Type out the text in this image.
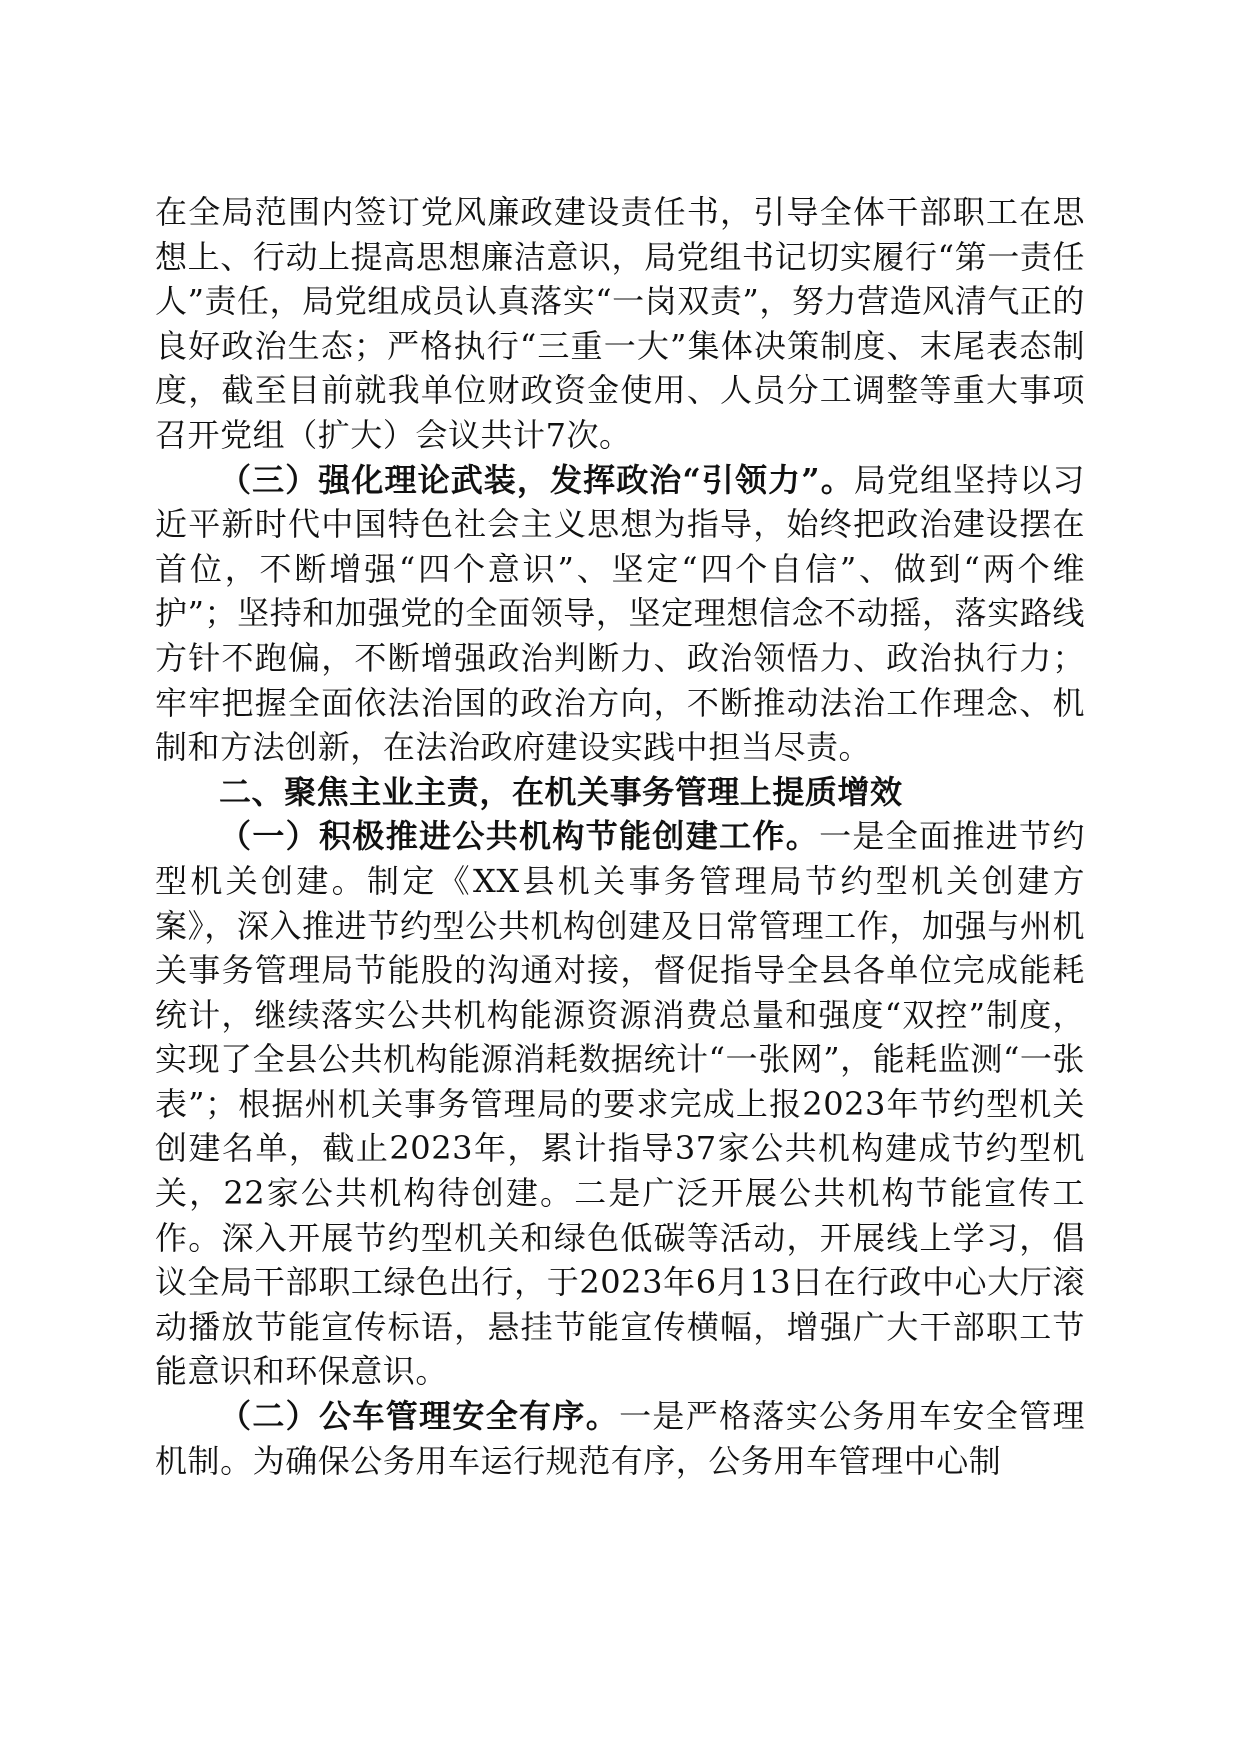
在全局范围内签订党风廉政建设责任书，引导全体干部职工在思想上、行动上提高思想廉洁意识，局党组书记切实履行“第一责任人”责任，局党组成员认真落实“一岗双责”，努力营造风清气正的良好政治生态；严格执行“三重一大”集体决策制度、末尾表态制度，截至目前就我单位财政资金使用、人员分工调整等重大事项召开党组（扩大）会议共计7次。

（三）强化理论武装，发挥政治“引领力”。局党组坚持以习近平新时代中国特色社会主义思想为指导，始终把政治建设摆在首位，不断增强“四个意识”、坚定“四个自信”、做到“两个维护”；坚持和加强党的全面领导，坚定理想信念不动摇，落实路线方针不跑偏，不断增强政治判断力、政治领悟力、政治执行力；牢牢把握全面依法治国的政治方向，不断推动法治工作理念、机制和方法创新，在法治政府建设实践中担当尽责。

二、聚焦主业主责，在机关事务管理上提质增效

（一）积极推进公共机构节能创建工作。一是全面推进节约型机关创建。制定《XX县机关事务管理局节约型机关创建方案》，深入推进节约型公共机构创建及日常管理工作，加强与州机关事务管理局节能股的沟通对接，督促指导全县各单位完成能耗统计，继续落实公共机构能源资源消费总量和强度“双控”制度，实现了全县公共机构能源消耗数据统计“一张网”，能耗监测“一张表”；根据州机关事务管理局的要求完成上报2023年节约型机关创建名单，截止2023年，累计指导37家公共机构建成节约型机关，22家公共机构待创建。二是广泛开展公共机构节能宣传工作。深入开展节约型机关和绿色低碳等活动，开展线上学习，倡议全局干部职工绿色出行，于2023年6月13日在行政中心大厅滚动播放节能宣传标语，悬挂节能宣传横幅，增强广大干部职工节能意识和环保意识。

（二）公车管理安全有序。一是严格落实公务用车安全管理机制。为确保公务用车运行规范有序，公务用车管理中心制
